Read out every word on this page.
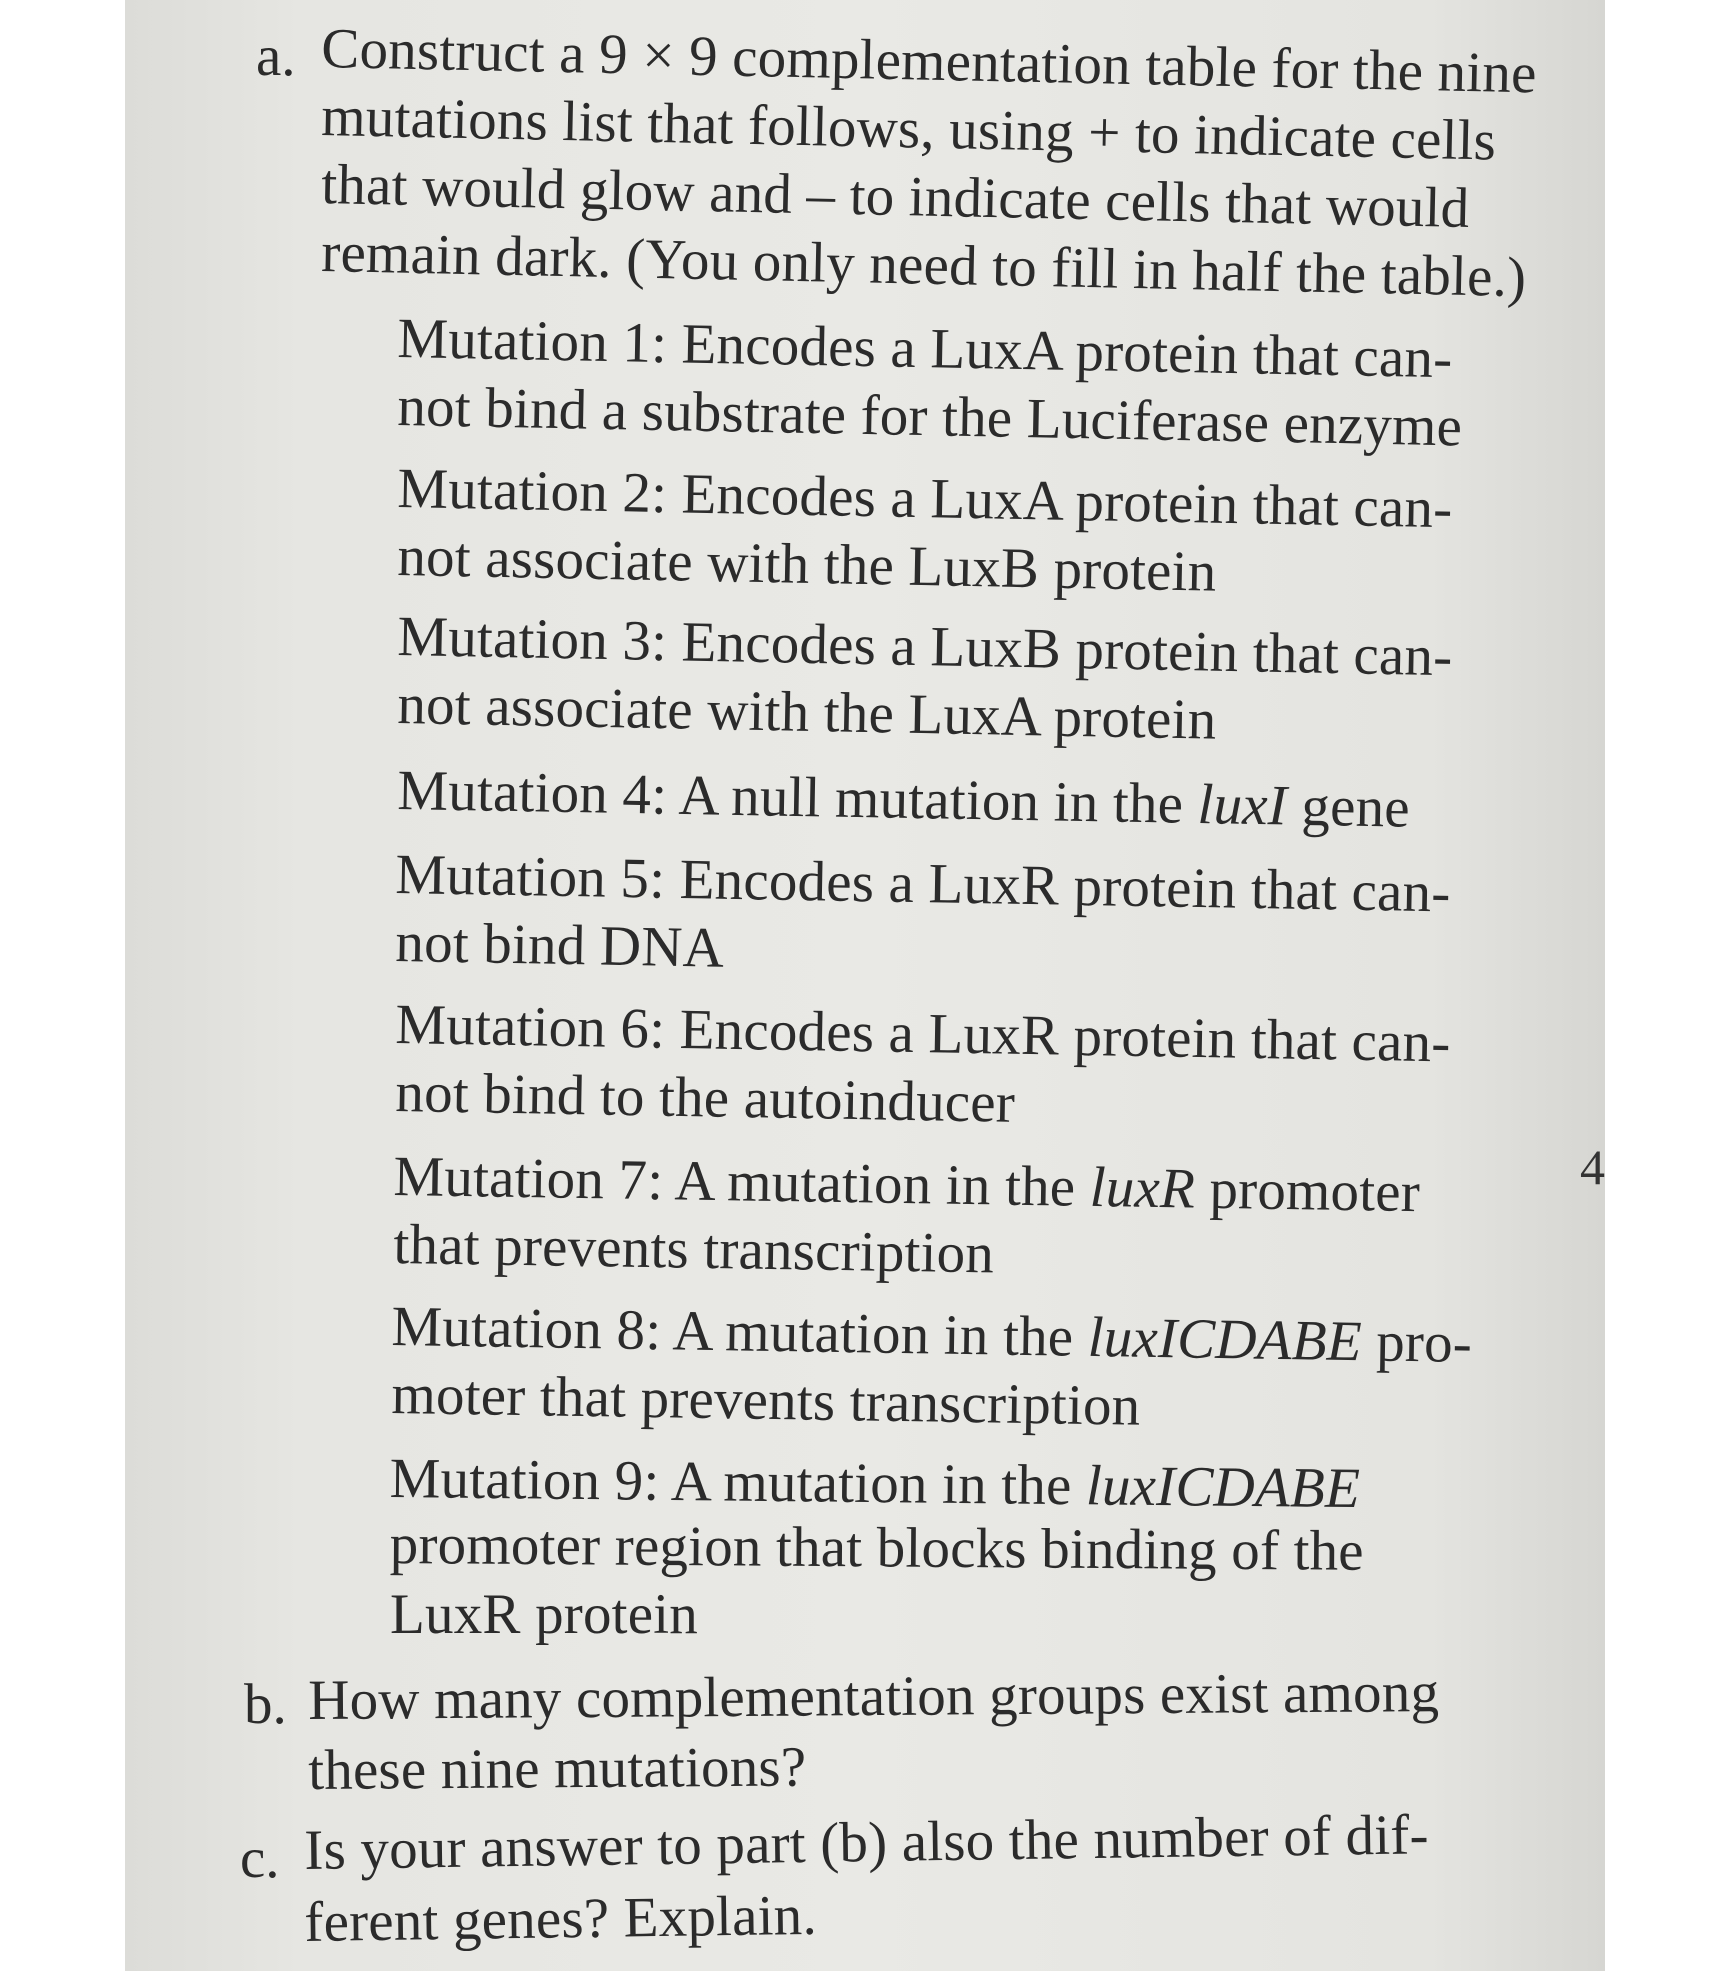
a. Construct a 9 × 9 complementation table for the nine
mutations list that follows, using + to indicate cells
that would glow and – to indicate cells that would
remain dark. (You only need to fill in half the table.)
Mutation 1: Encodes a LuxA protein that can-
not bind a substrate for the Luciferase enzyme
Mutation 2: Encodes a LuxA protein that can-
not associate with the LuxB protein
Mutation 3: Encodes a LuxB protein that can-
not associate with the LuxA protein
Mutation 4: A null mutation in the luxI gene
Mutation 5: Encodes a LuxR protein that can-
not bind DNA
Mutation 6: Encodes a LuxR protein that can-
not bind to the autoinducer
Mutation 7: A mutation in the luxR promoter
that prevents transcription
Mutation 8: A mutation in the luxICDABE pro-
moter that prevents transcription
Mutation 9: A mutation in the luxICDABE
promoter region that blocks binding of the
LuxR protein
b. How many complementation groups exist among
these nine mutations?
c. Is your answer to part (b) also the number of dif-
ferent genes? Explain.
4
